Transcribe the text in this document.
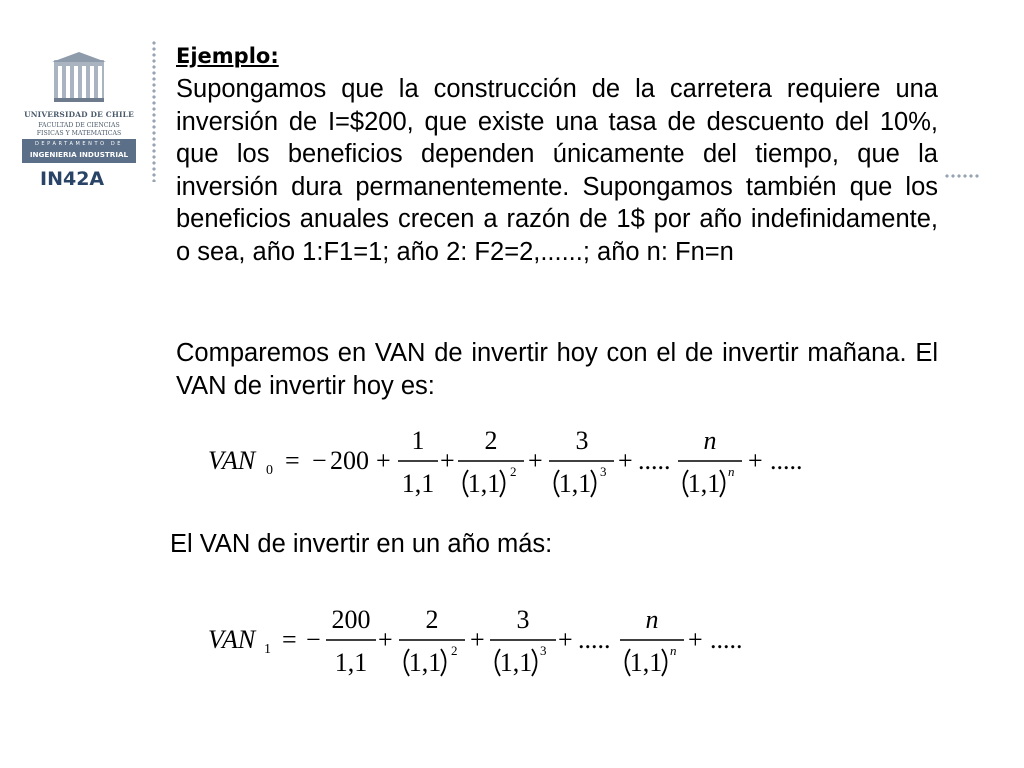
UNIVERSIDAD DE CHILE
FACULTAD DE CIENCIAS
FISICAS Y MATEMATICAS
DEPARTAMENTO DE
INGENIERIA INDUSTRIAL
IN42A
Ejemplo:
Supongamos que la construcción de la carretera requiere una inversión de I=$200, que existe una tasa de descuento del 10%, que los beneficios dependen únicamente del tiempo, que la inversión dura permanentemente. Supongamos también que los beneficios anuales crecen a razón de 1$ por año indefinidamente, o sea, año 1:F1=1; año 2: F2=2,......; año n: Fn=n
Comparemos en VAN de invertir hoy con el de invertir mañana. El VAN de invertir hoy es:
El VAN de invertir en un año más:
VAN 0 = − 200 +
1
1,1
+
2
1,1 2 +
3
1,1 3 + .....
n
1,1 n + .....
VAN 1 = −
200
1,1
+
2
1,1 2 +
3
1,1 3 + .....
n
1,1 n + .....
